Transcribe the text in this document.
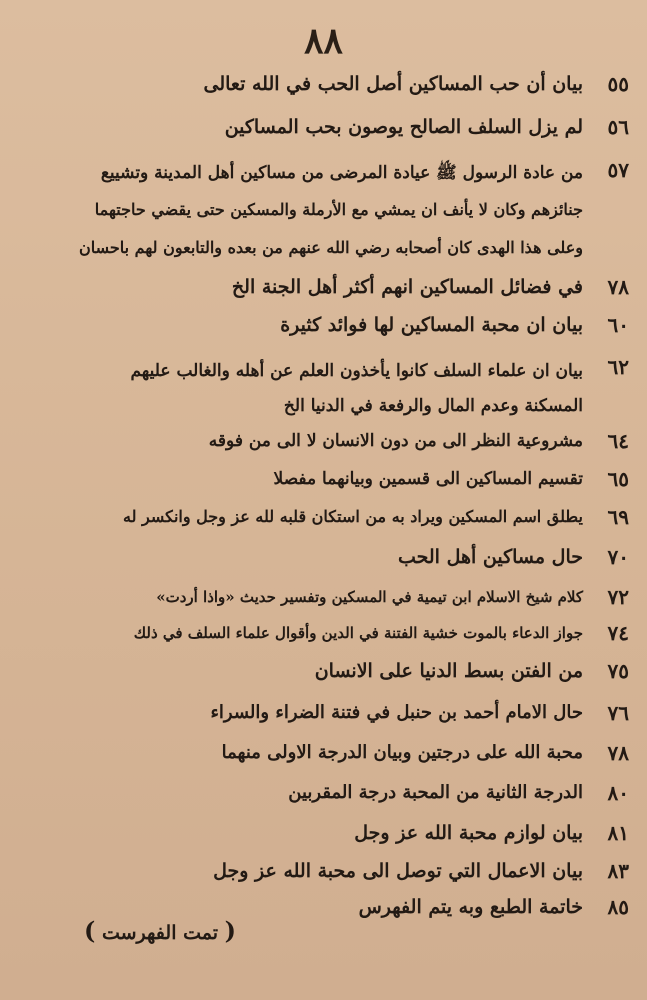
٨٨
٥٥
بيان أن حب المساكين أصل الحب في الله تعالى
٥٦
لم يزل السلف الصالح يوصون بحب المساكين
٥٧
من عادة الرسول ﷺ عيادة المرضى من مساكين أهل المدينة وتشييع
جنائزهم وكان لا يأنف ان يمشي مع الأرملة والمسكين حتى يقضي حاجتهما
وعلى هذا الهدى كان أصحابه رضي الله عنهم من بعده والتابعون لهم باحسان
٧٨
في فضائل المساكين انهم أكثر أهل الجنة الخ
٦٠
بيان ان محبة المساكين لها فوائد كثيرة
٦٢
بيان ان علماء السلف كانوا يأخذون العلم عن أهله والغالب عليهم
المسكنة وعدم المال والرفعة في الدنيا الخ
٦٤
مشروعية النظر الى من دون الانسان لا الى من فوقه
٦٥
تقسيم المساكين الى قسمين وبيانهما مفصلا
٦٩
يطلق اسم المسكين ويراد به من استكان قلبه لله عز وجل وانكسر له
٧٠
حال مساكين أهل الحب
٧٢
كلام شيخ الاسلام ابن تيمية في المسكين وتفسير حديث «واذا أردت»
٧٤
جواز الدعاء بالموت خشية الفتنة في الدين وأقوال علماء السلف في ذلك
٧٥
من الفتن بسط الدنيا على الانسان
٧٦
حال الامام أحمد بن حنبل في فتنة الضراء والسراء
٧٨
محبة الله على درجتين وبيان الدرجة الاولى منهما
٨٠
الدرجة الثانية من المحبة درجة المقربين
٨١
بيان لوازم محبة الله عز وجل
٨٣
بيان الاعمال التي توصل الى محبة الله عز وجل
٨٥
خاتمة الطبع وبه يتم الفهرس
( تمت الفهرست )
